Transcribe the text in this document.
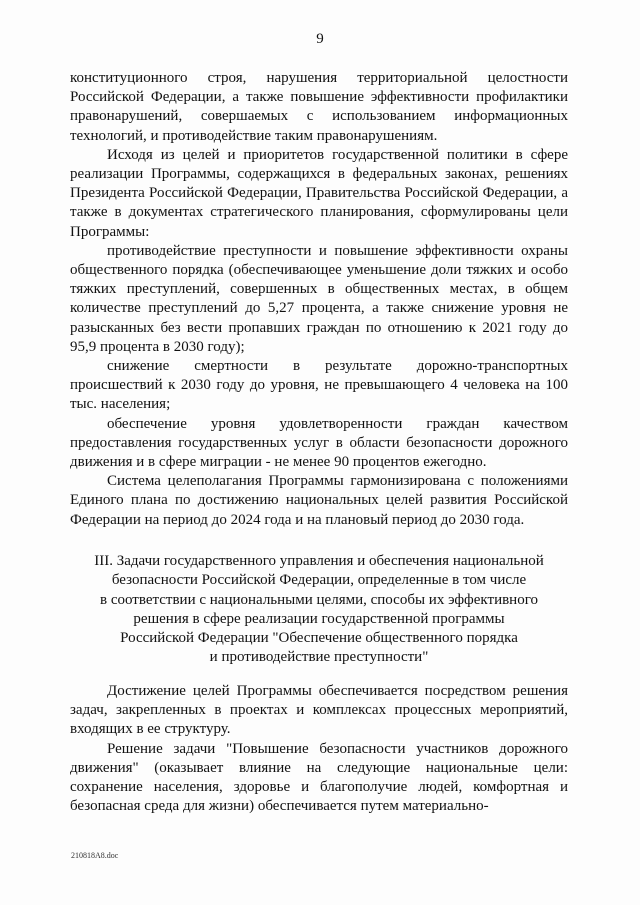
9

конституционного строя, нарушения территориальной целостности Российской Федерации, а также повышение эффективности профилактики правонарушений, совершаемых с использованием информационных технологий, и противодействие таким правонарушениям.

Исходя из целей и приоритетов государственной политики в сфере реализации Программы, содержащихся в федеральных законах, решениях Президента Российской Федерации, Правительства Российской Федерации, а также в документах стратегического планирования, сформулированы цели Программы:

противодействие преступности и повышение эффективности охраны общественного порядка (обеспечивающее уменьшение доли тяжких и особо тяжких преступлений, совершенных в общественных местах, в общем количестве преступлений до 5,27 процента, а также снижение уровня не разысканных без вести пропавших граждан по отношению к 2021 году до 95,9 процента в 2030 году);

снижение смертности в результате дорожно-транспортных происшествий к 2030 году до уровня, не превышающего 4 человека на 100 тыс. населения;

обеспечение уровня удовлетворенности граждан качеством предоставления государственных услуг в области безопасности дорожного движения и в сфере миграции - не менее 90 процентов ежегодно.

Система целеполагания Программы гармонизирована с положениями Единого плана по достижению национальных целей развития Российской Федерации на период до 2024 года и на плановый период до 2030 года.

III. Задачи государственного управления и обеспечения национальной
безопасности Российской Федерации, определенные в том числе
в соответствии с национальными целями, способы их эффективного
решения в сфере реализации государственной программы
Российской Федерации "Обеспечение общественного порядка
и противодействие преступности"

Достижение целей Программы обеспечивается посредством решения задач, закрепленных в проектах и комплексах процессных мероприятий, входящих в ее структуру.

Решение задачи "Повышение безопасности участников дорожного движения" (оказывает влияние на следующие национальные цели: сохранение населения, здоровье и благополучие людей, комфортная и безопасная среда для жизни) обеспечивается путем материально-

210818A8.doc
